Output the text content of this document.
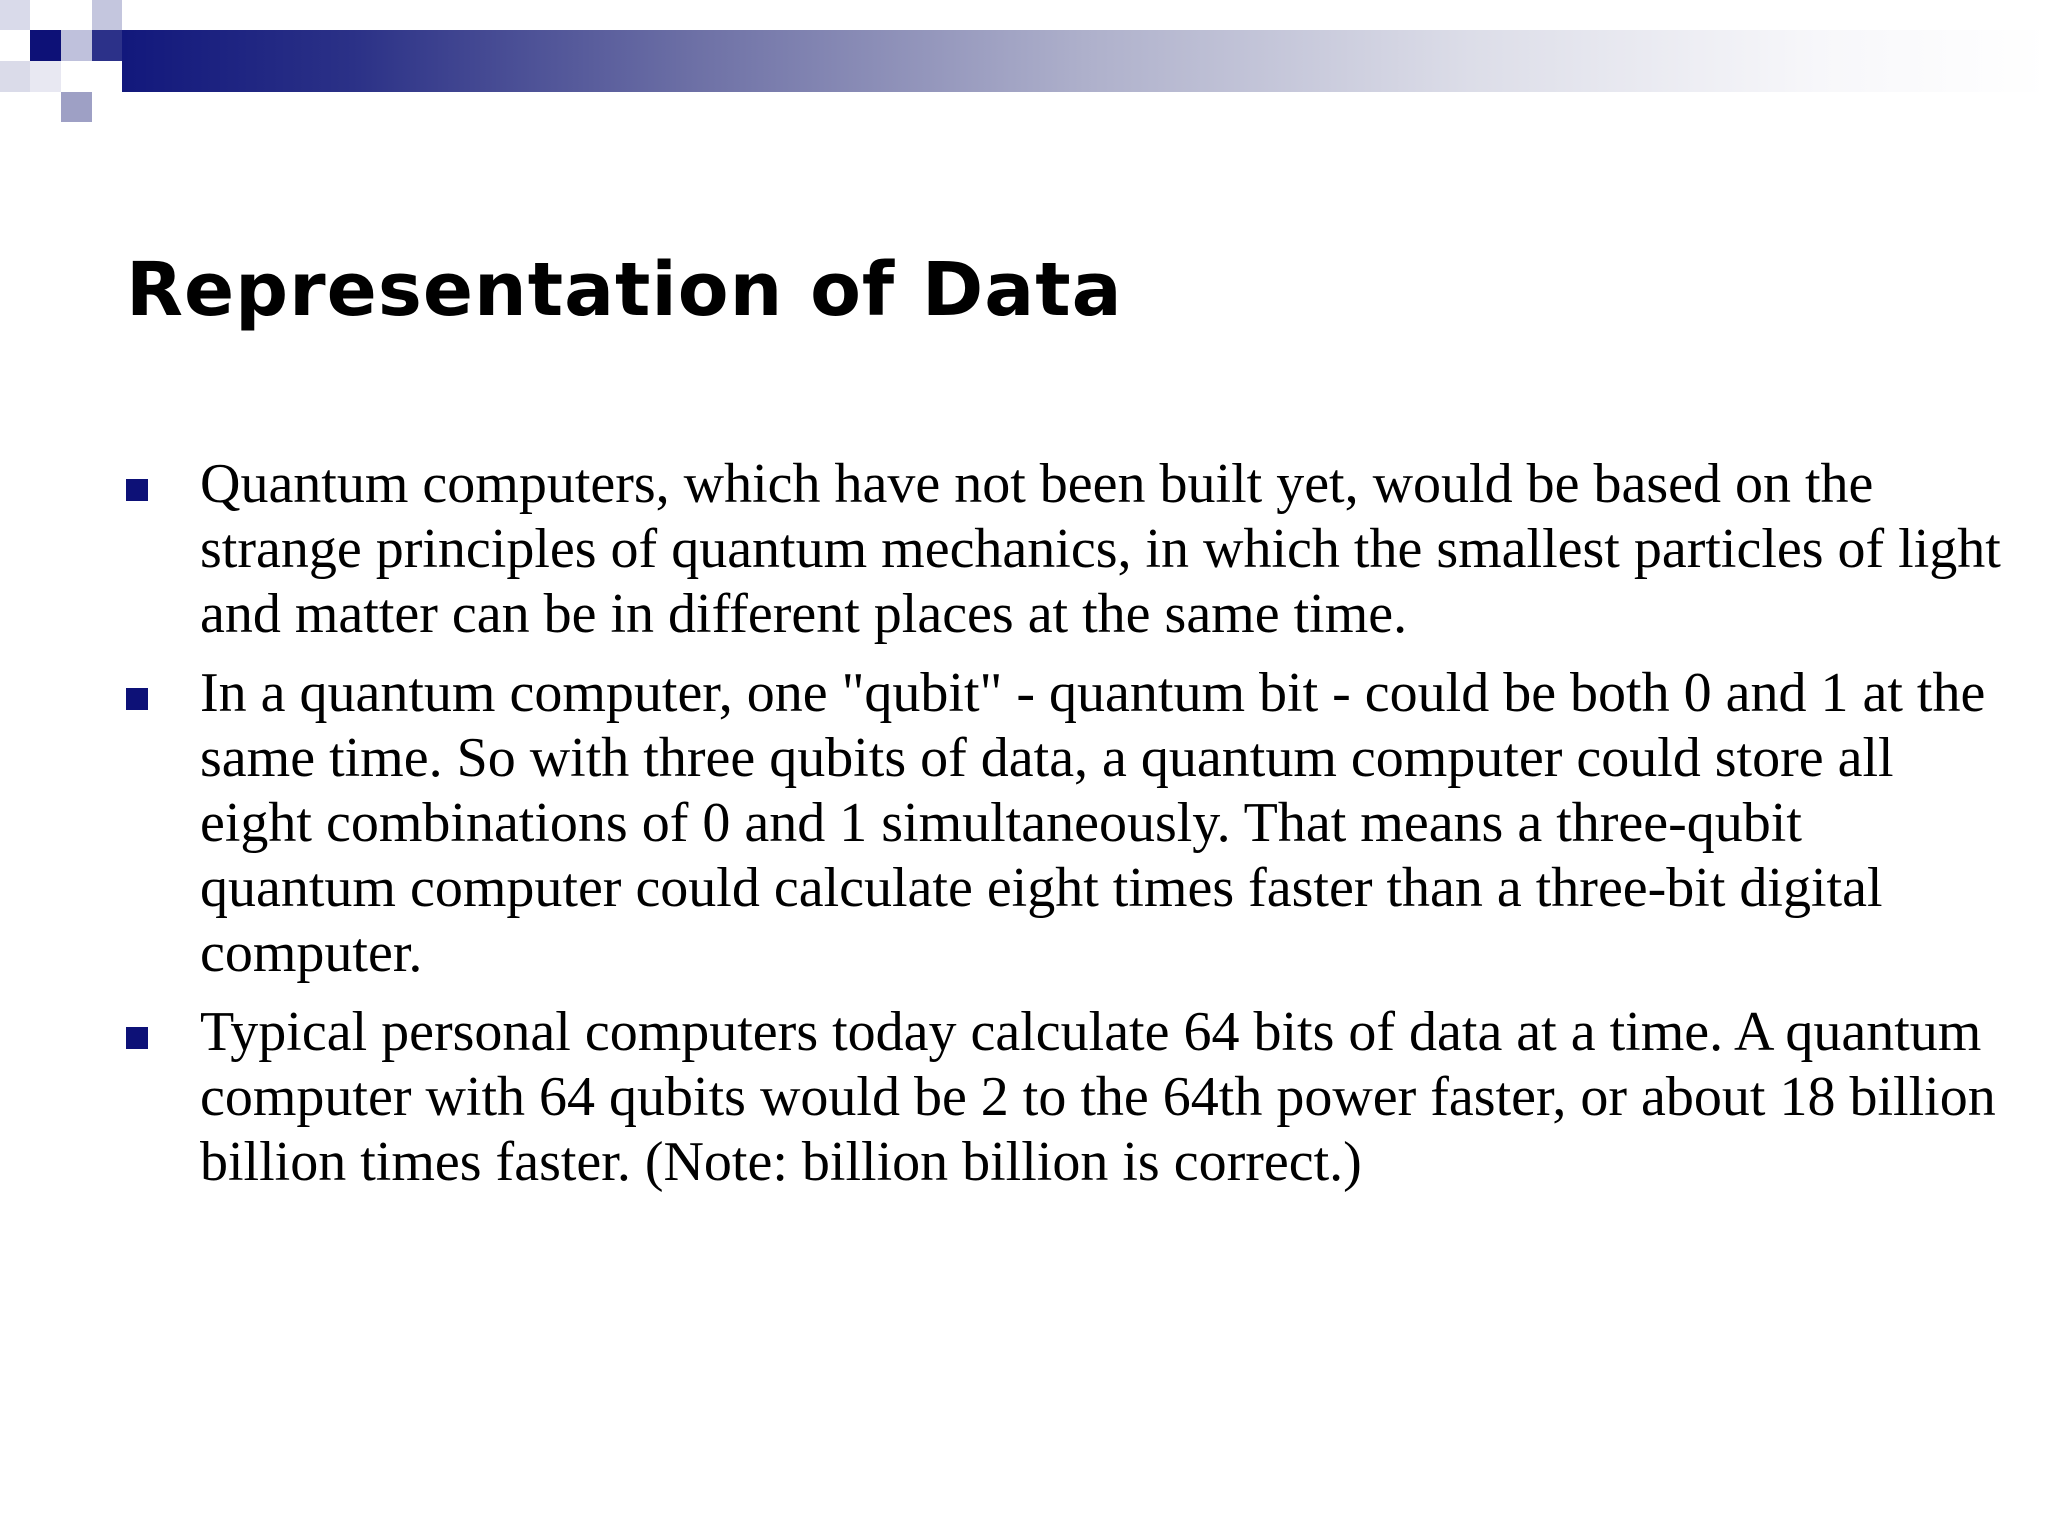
Representation of Data
Quantum computers, which have not been built yet, would be based on the strange principles of quantum mechanics, in which the smallest particles of light and matter can be in different places at the same time.
In a quantum computer, one "qubit" - quantum bit - could be both 0 and 1 at the same time. So with three qubits of data, a quantum computer could store all eight combinations of 0 and 1 simultaneously. That means a three-qubit quantum computer could calculate eight times faster than a three-bit digital computer.
Typical personal computers today calculate 64 bits of data at a time. A quantum computer with 64 qubits would be 2 to the 64th power faster, or about 18 billion billion times faster. (Note: billion billion is correct.)
